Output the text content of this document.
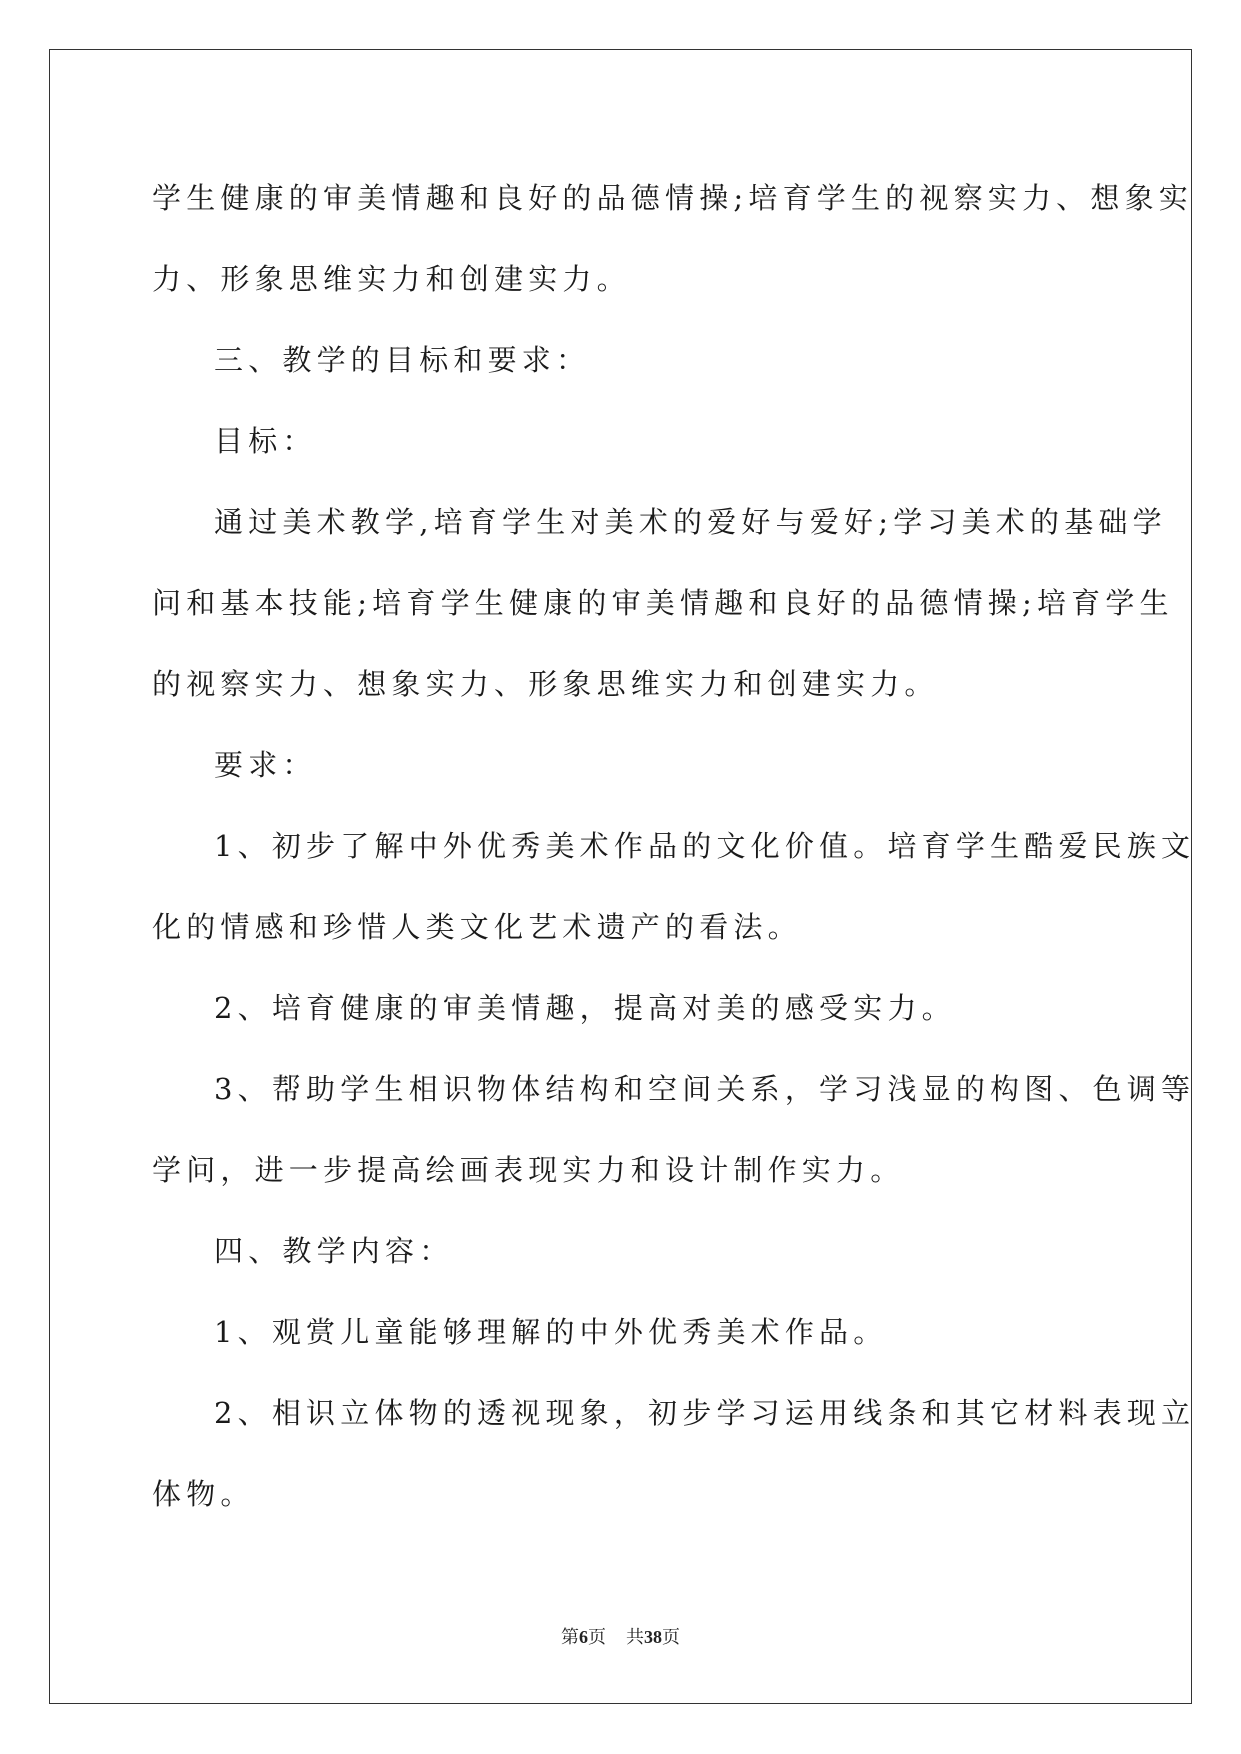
学生健康的审美情趣和良好的品德情操;培育学生的视察实力、想象实
力、形象思维实力和创建实力。
三、教学的目标和要求：
目标：
通过美术教学,培育学生对美术的爱好与爱好;学习美术的基础学
问和基本技能;培育学生健康的审美情趣和良好的品德情操;培育学生
的视察实力、想象实力、形象思维实力和创建实力。
要求：
1、初步了解中外优秀美术作品的文化价值。培育学生酷爱民族文
化的情感和珍惜人类文化艺术遗产的看法。
2、培育健康的审美情趣，提高对美的感受实力。
3、帮助学生相识物体结构和空间关系，学习浅显的构图、色调等
学问，进一步提高绘画表现实力和设计制作实力。
四、教学内容：
1、观赏儿童能够理解的中外优秀美术作品。
2、相识立体物的透视现象，初步学习运用线条和其它材料表现立
体物。
第6页 共38页
